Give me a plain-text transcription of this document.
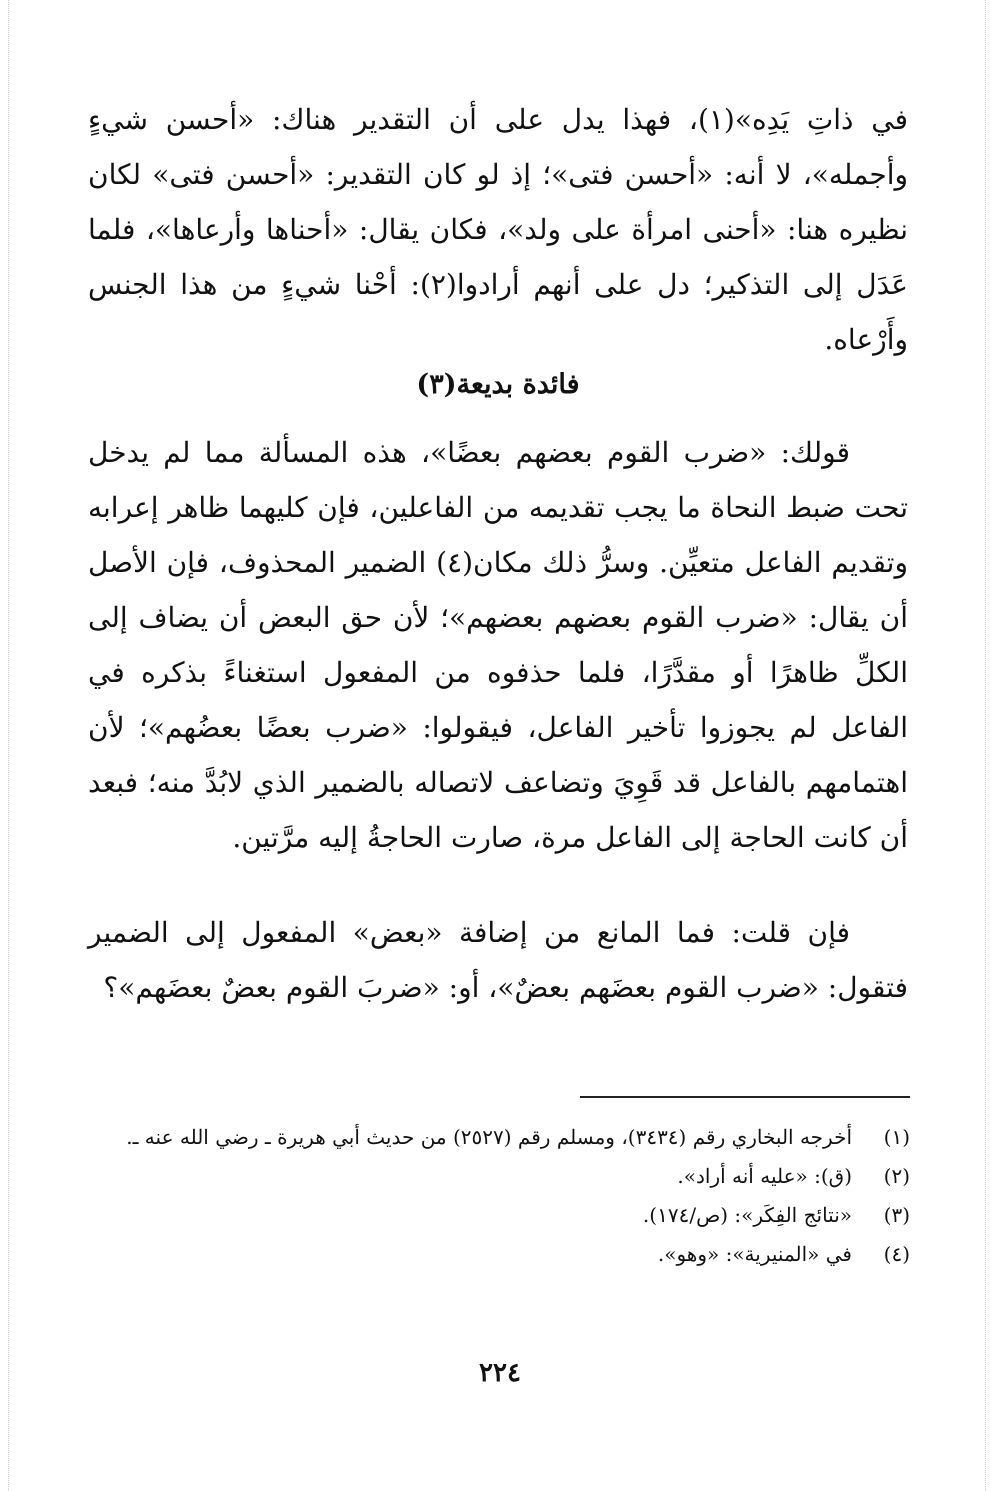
في ذاتِ يَدِه»(١)، فهذا يدل على أن التقدير هناك: «أحسن شيءٍ وأجمله»، لا أنه: «أحسن فتى»؛ إذ لو كان التقدير: «أحسن فتى» لكان نظيره هنا: «أحنى امرأة على ولد»، فكان يقال: «أحناها وأرعاها»، فلما عَدَل إلى التذكير؛ دل على أنهم أرادوا(٢): أحْنا شيءٍ من هذا الجنس وأَرْعاه.
فائدة بديعة(٣)
قولك: «ضرب القوم بعضهم بعضًا»، هذه المسألة مما لم يدخل تحت ضبط النحاة ما يجب تقديمه من الفاعلين، فإن كليهما ظاهر إعرابه وتقديم الفاعل متعيِّن. وسرُّ ذلك مكان(٤) الضمير المحذوف، فإن الأصل أن يقال: «ضرب القوم بعضهم بعضهم»؛ لأن حق البعض أن يضاف إلى الكلِّ ظاهرًا أو مقدَّرًا، فلما حذفوه من المفعول استغناءً بذكره في الفاعل لم يجوزوا تأخير الفاعل، فيقولوا: «ضرب بعضًا بعضُهم»؛ لأن اهتمامهم بالفاعل قد قَوِيَ وتضاعف لاتصاله بالضمير الذي لابُدَّ منه؛ فبعد أن كانت الحاجة إلى الفاعل مرة، صارت الحاجةُ إليه مرَّتين.
فإن قلت: فما المانع من إضافة «بعض» المفعول إلى الضمير فتقول: «ضرب القوم بعضَهم بعضٌ»، أو: «ضربَ القوم بعضٌ بعضَهم»؟
(١)
أخرجه البخاري رقم (٣٤٣٤)، ومسلم رقم (٢٥٢٧) من حديث أبي هريرة ـ رضي الله عنه ـ.
(٢)
(ق): «عليه أنه أراد».
(٣)
«نتائج الفِكَر»: (ص/١٧٤).
(٤)
في «المنيرية»: «وهو».
٢٢٤
